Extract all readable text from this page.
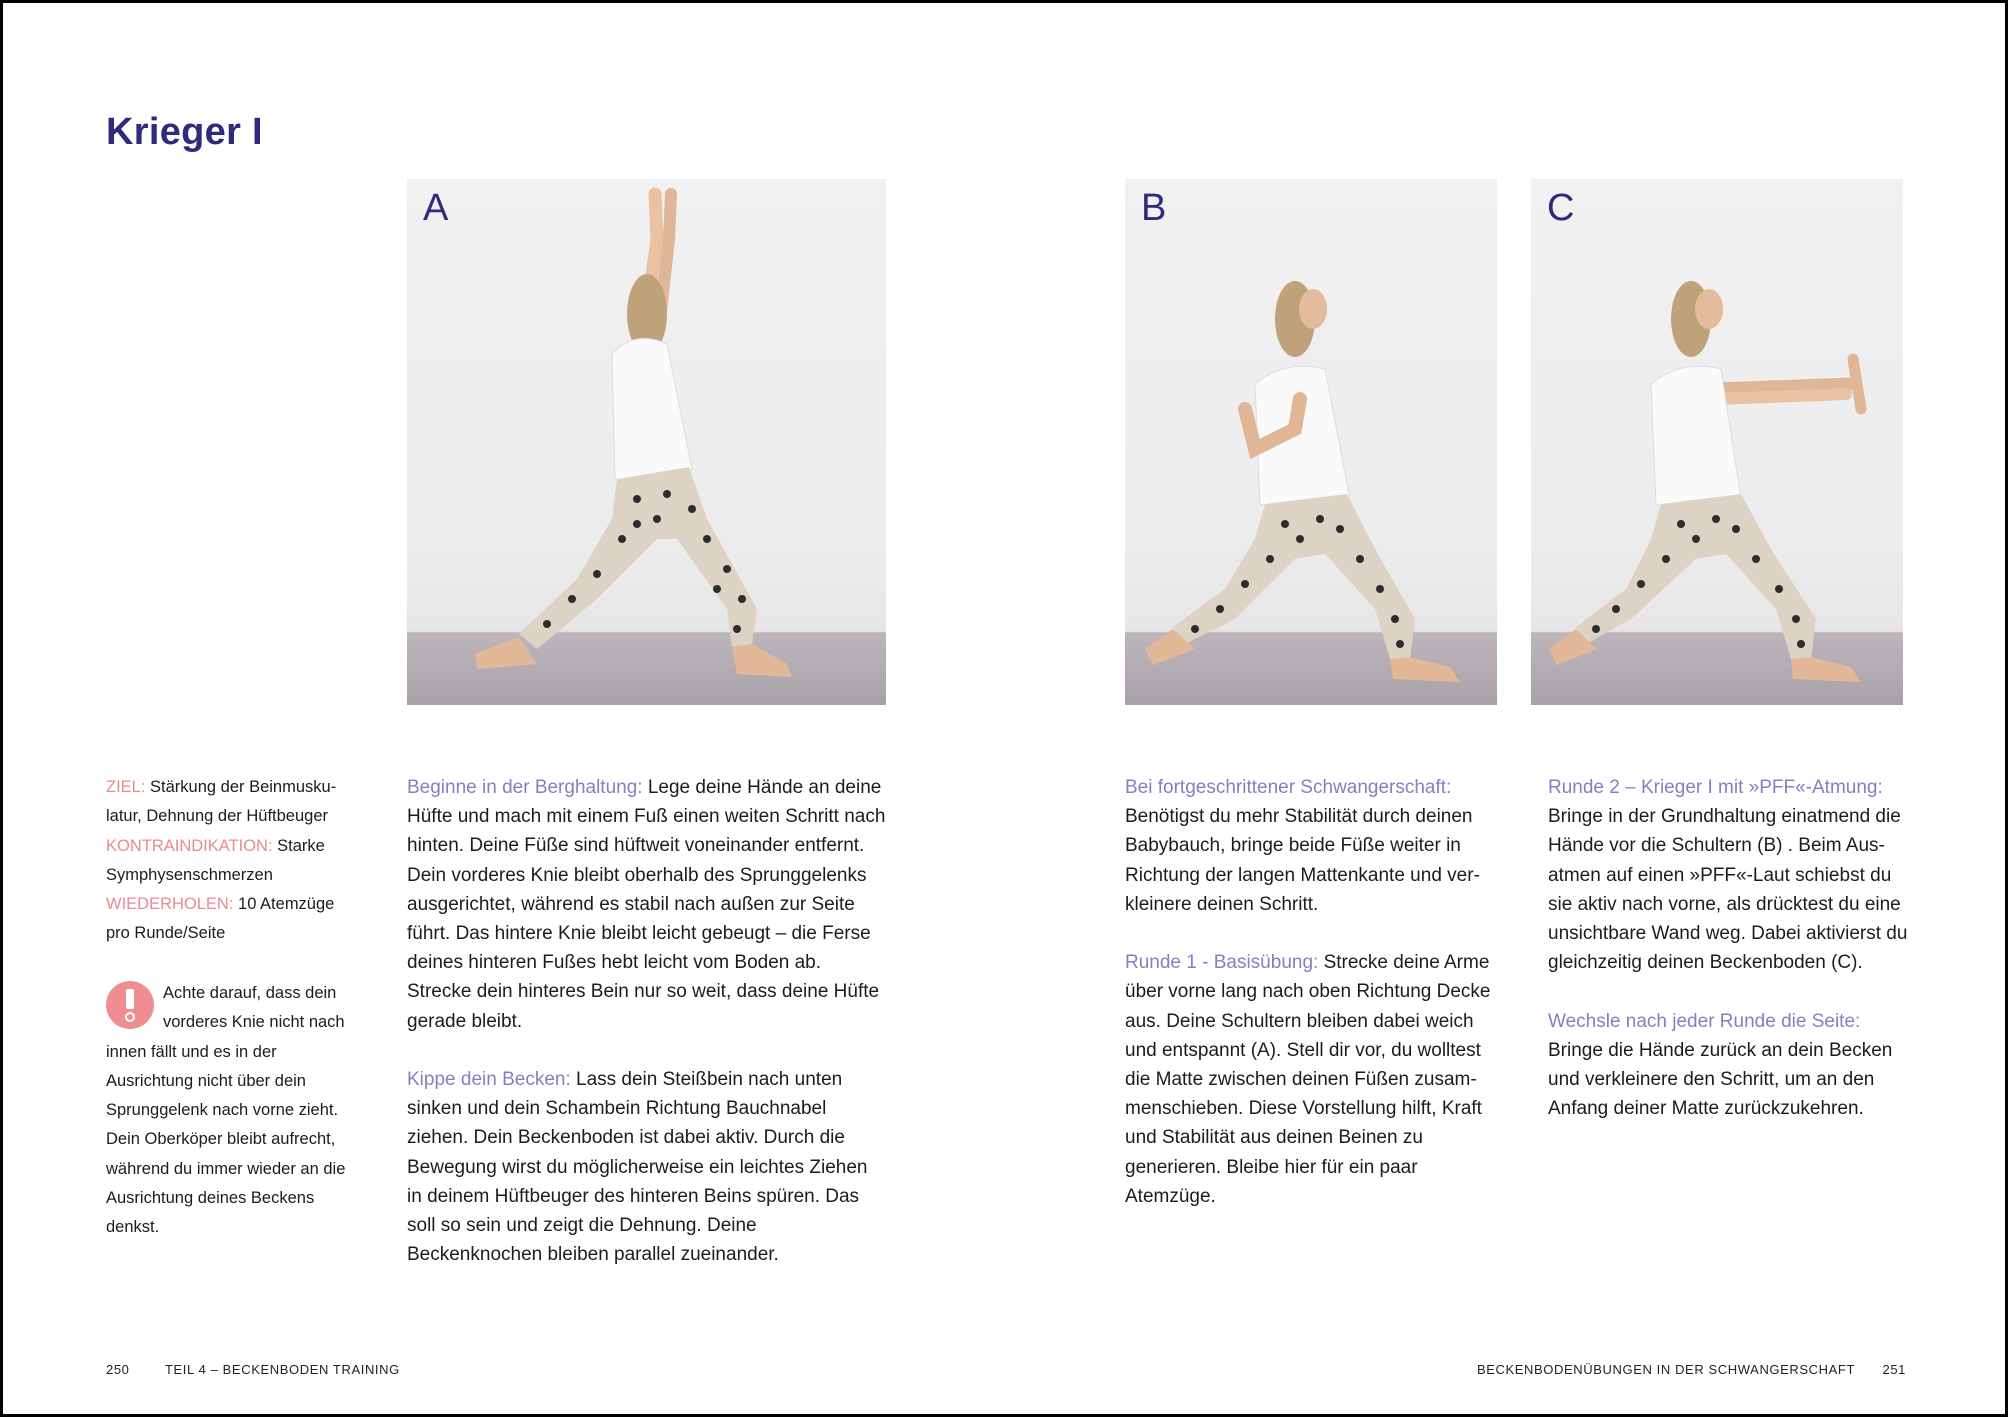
Krieger I
A	B	C

ZIEL: Stärkung der Beinmusku-

latur, Dehnung der Hüftbeuger

KONTRAINDIKATION: Starke

Symphysenschmerzen

WIEDERHOLEN: 10 Atemzüge

pro Runde/Seite

Achte darauf, dass dein vorderes Knie nicht nach innen fällt und es in der Ausrichtung nicht über dein Sprunggelenk nach vorne zieht. Dein Oberköper bleibt aufrecht, während du immer wieder an die Ausrichtung deines Beckens denkst.

Beginne in der Berghaltung: Lege deine Hände an deine Hüfte und mach mit einem Fuß einen weiten Schritt nach hinten. Deine Füße sind hüftweit voneinander entfernt. Dein vorderes Knie bleibt oberhalb des Sprunggelenks ausgerichtet, während es stabil nach außen zur Seite führt. Das hintere Knie bleibt leicht gebeugt – die Ferse deines hinteren Fußes hebt leicht vom Boden ab. Strecke dein hinteres Bein nur so weit, dass deine Hüfte gerade bleibt.

Kippe dein Becken: Lass dein Steißbein nach unten sinken und dein Schambein Richtung Bauchnabel ziehen. Dein Beckenboden ist dabei aktiv. Durch die Bewegung wirst du möglicherweise ein leichtes Ziehen in deinem Hüftbeuger des hinteren Beins spüren. Das soll so sein und zeigt die Dehnung. Deine Beckenknochen bleiben parallel zueinander.

Bei fortgeschrittener Schwangerschaft: Benötigst du mehr Stabilität durch deinen Babybauch, bringe beide Füße weiter in Richtung der langen Mattenkante und verkleinere deinen Schritt.

Runde 1 - Basisübung: Strecke deine Arme über vorne lang nach oben Richtung Decke aus. Deine Schultern bleiben dabei weich und entspannt (A). Stell dir vor, du wolltest die Matte zwischen deinen Füßen zusammenschieben. Diese Vorstellung hilft, Kraft und Stabilität aus deinen Beinen zu generieren. Bleibe hier für ein paar Atemzüge.

Runde 2 – Krieger I mit »PFF«-Atmung: Bringe in der Grundhaltung einatmend die Hände vor die Schultern (B) . Beim Ausatmen auf einen »PFF«-Laut schiebst du sie aktiv nach vorne, als drücktest du eine unsichtbare Wand weg. Dabei aktivierst du gleichzeitig deinen Beckenboden (C).

Wechsle nach jeder Runde die Seite: Bringe die Hände zurück an dein Becken und verkleinere den Schritt, um an den Anfang deiner Matte zurückzukehren.

250	TEIL 4 – BECKENBODEN TRAINING	BECKENBODENÜBUNGEN IN DER SCHWANGERSCHAFT 251
